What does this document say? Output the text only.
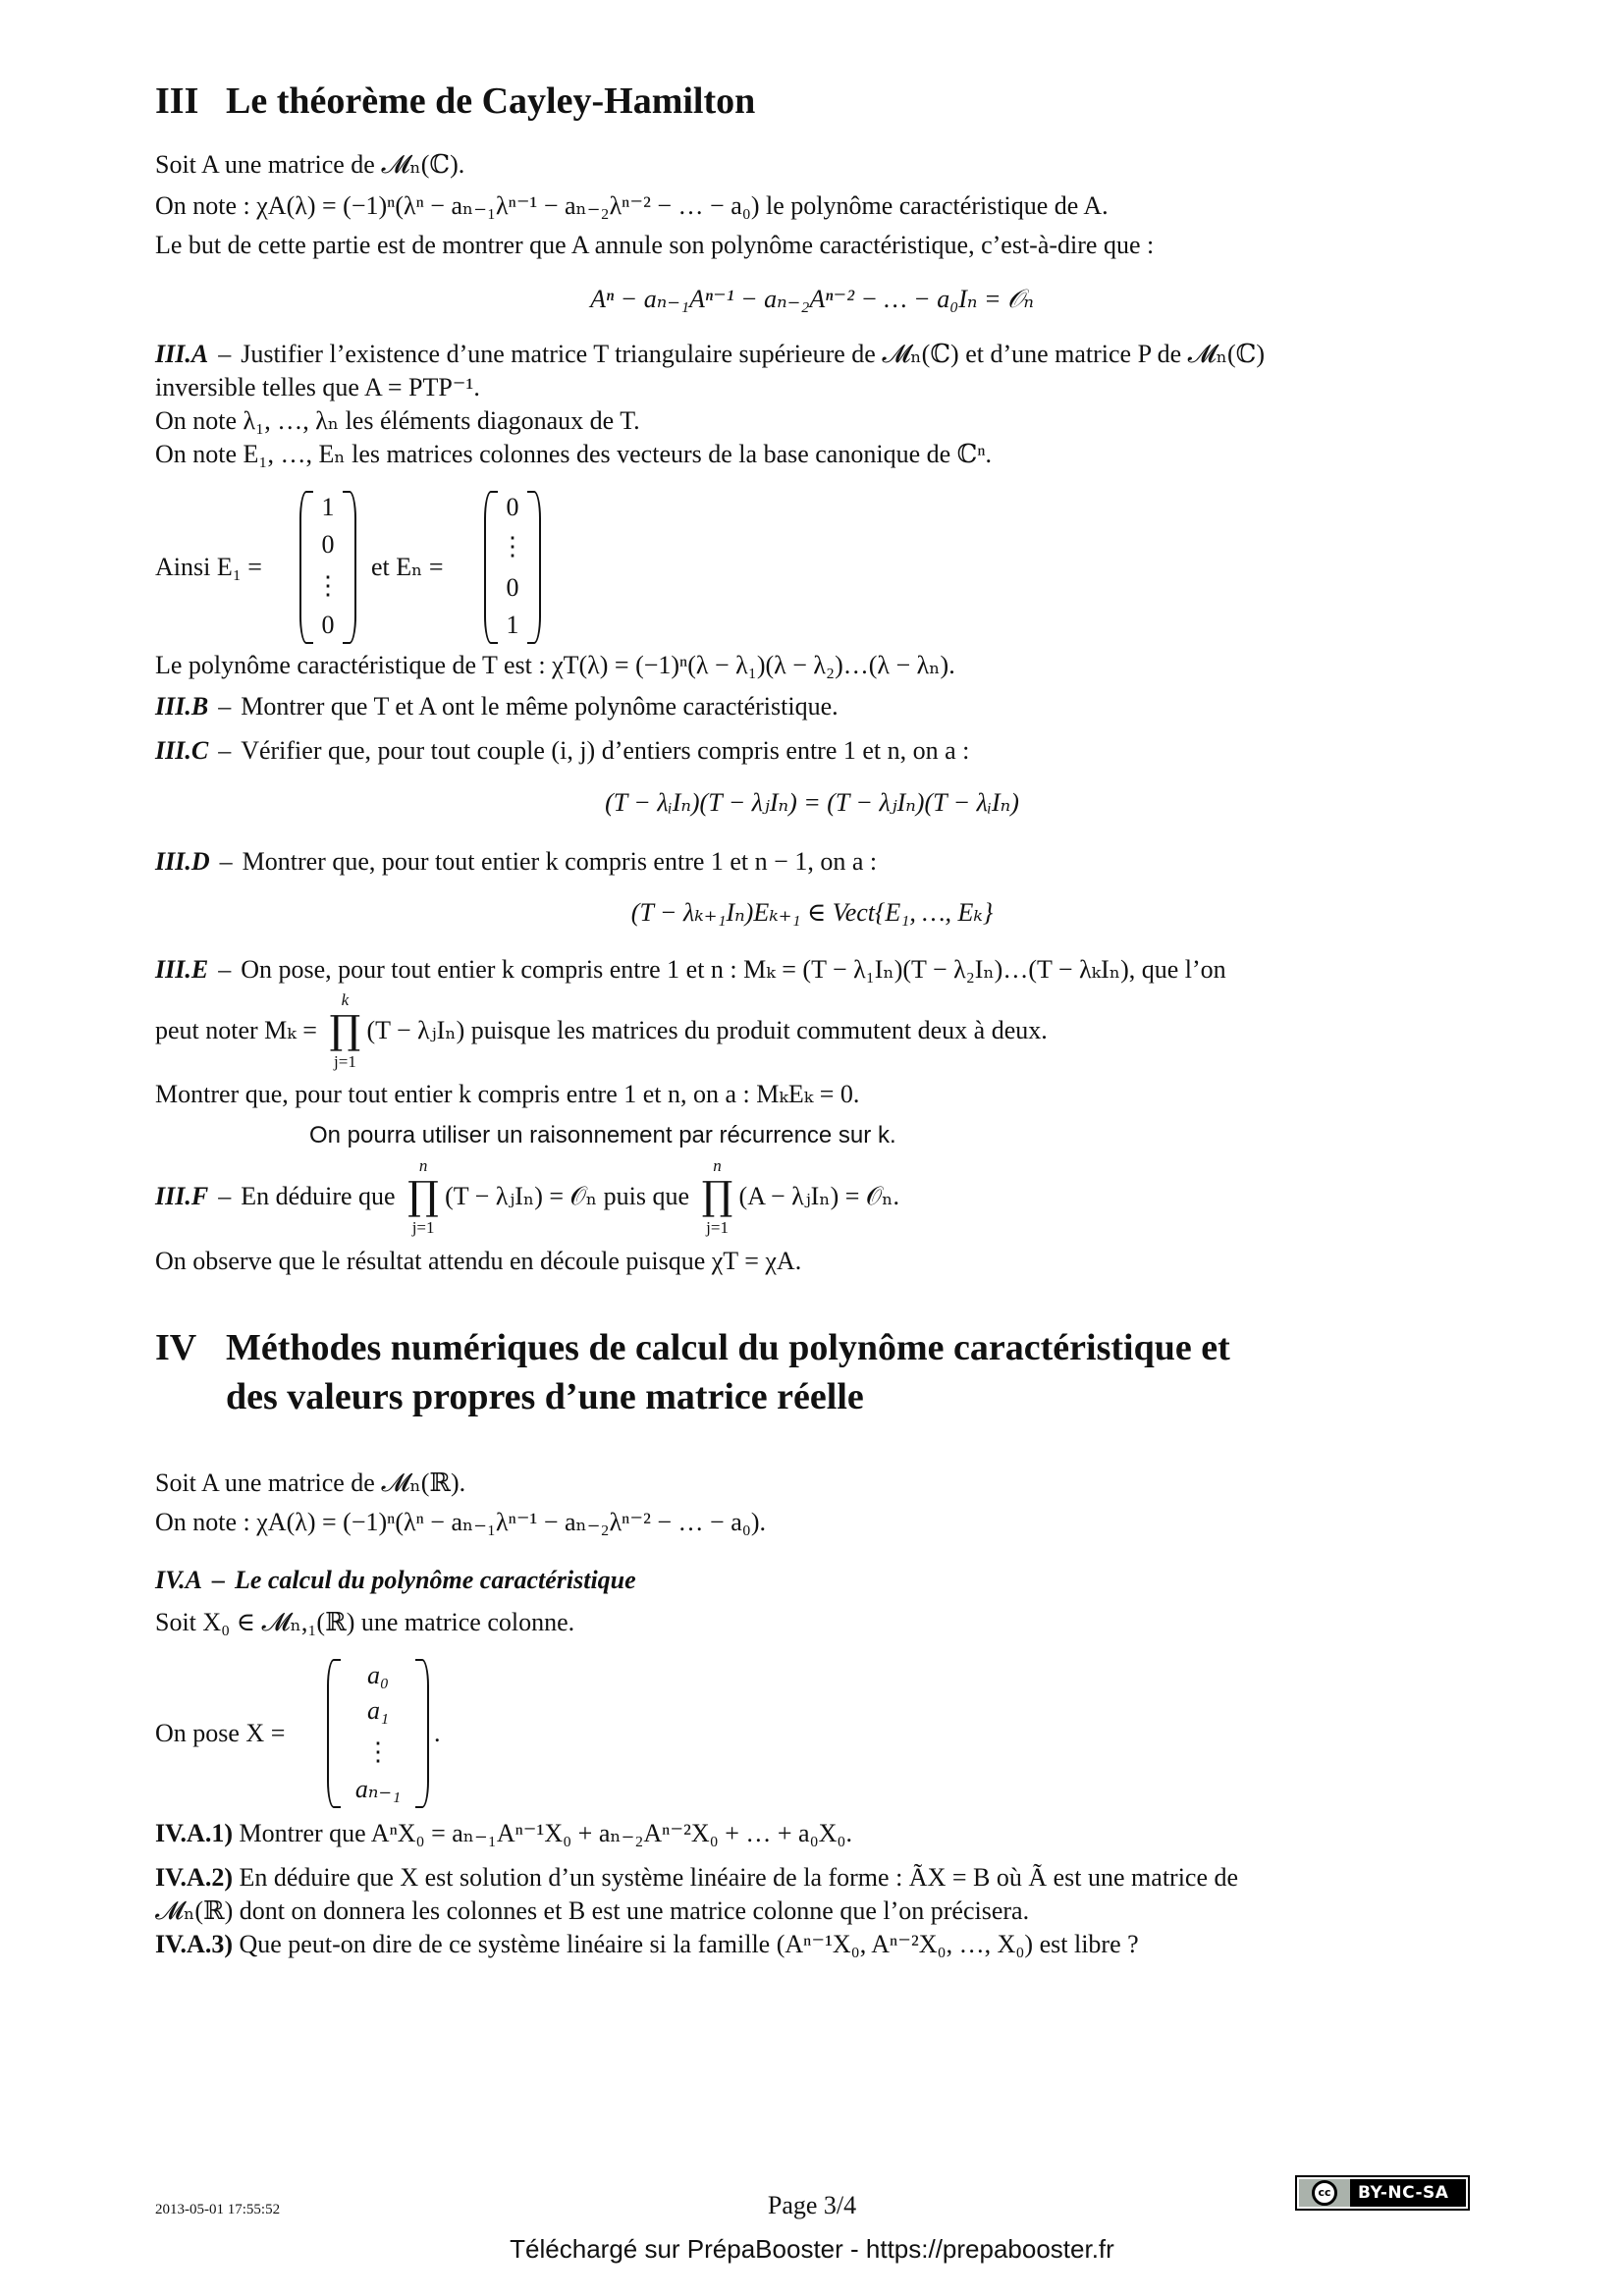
III Le théorème de Cayley-Hamilton
Soit A une matrice de 𝓜ₙ(ℂ).
On note : χA(λ) = (−1)ⁿ(λⁿ − aₙ₋₁λⁿ⁻¹ − aₙ₋₂λⁿ⁻² − … − a₀) le polynôme caractéristique de A.
Le but de cette partie est de montrer que A annule son polynôme caractéristique, c’est-à-dire que :
Aⁿ − aₙ₋₁Aⁿ⁻¹ − aₙ₋₂Aⁿ⁻² − … − a₀Iₙ = 𝒪ₙ
III.A – Justifier l’existence d’une matrice T triangulaire supérieure de 𝓜ₙ(ℂ) et d’une matrice P de 𝓜ₙ(ℂ)
inversible telles que A = PTP⁻¹.
On note λ₁, …, λₙ les éléments diagonaux de T.
On note E₁, …, Eₙ les matrices colonnes des vecteurs de la base canonique de ℂⁿ.
Ainsi E₁ =
1
0
⋮
0
et Eₙ =
0
⋮
0
1
Le polynôme caractéristique de T est : χT(λ) = (−1)ⁿ(λ − λ₁)(λ − λ₂)…(λ − λₙ).
III.B – Montrer que T et A ont le même polynôme caractéristique.
III.C – Vérifier que, pour tout couple (i, j) d’entiers compris entre 1 et n, on a :
(T − λᵢIₙ)(T − λⱼIₙ) = (T − λⱼIₙ)(T − λᵢIₙ)
III.D – Montrer que, pour tout entier k compris entre 1 et n − 1, on a :
(T − λₖ₊₁Iₙ)Eₖ₊₁ ∈ Vect{E₁, …, Eₖ}
III.E – On pose, pour tout entier k compris entre 1 et n : Mₖ = (T − λ₁Iₙ)(T − λ₂Iₙ)…(T − λₖIₙ), que l’on
peut noter Mₖ =
k
∏
j=1
(T − λⱼIₙ) puisque les matrices du produit commutent deux à deux.
Montrer que, pour tout entier k compris entre 1 et n, on a : MₖEₖ = 0.
On pourra utiliser un raisonnement par récurrence sur k.
III.F – En déduire que
n
∏
j=1
(T − λⱼIₙ) = 𝒪ₙ puis que
n
∏
j=1
(A − λⱼIₙ) = 𝒪ₙ.
On observe que le résultat attendu en découle puisque χT = χA.
IV Méthodes numériques de calcul du polynôme caractéristique et
des valeurs propres d’une matrice réelle
Soit A une matrice de 𝓜ₙ(ℝ).
On note : χA(λ) = (−1)ⁿ(λⁿ − aₙ₋₁λⁿ⁻¹ − aₙ₋₂λⁿ⁻² − … − a₀).
IV.A – Le calcul du polynôme caractéristique
Soit X₀ ∈ 𝓜ₙ,₁(ℝ) une matrice colonne.
On pose X =
a₀
a₁
⋮
aₙ₋₁
.
IV.A.1) Montrer que AⁿX₀ = aₙ₋₁Aⁿ⁻¹X₀ + aₙ₋₂Aⁿ⁻²X₀ + … + a₀X₀.
IV.A.2) En déduire que X est solution d’un système linéaire de la forme : ÃX = B où Ã est une matrice de
𝓜ₙ(ℝ) dont on donnera les colonnes et B est une matrice colonne que l’on précisera.
IV.A.3) Que peut-on dire de ce système linéaire si la famille (Aⁿ⁻¹X₀, Aⁿ⁻²X₀, …, X₀) est libre ?
2013-05-01 17:55:52	Page 3/4	cc	BY-NC-SA
Téléchargé sur PrépaBooster - https://prepabooster.fr
